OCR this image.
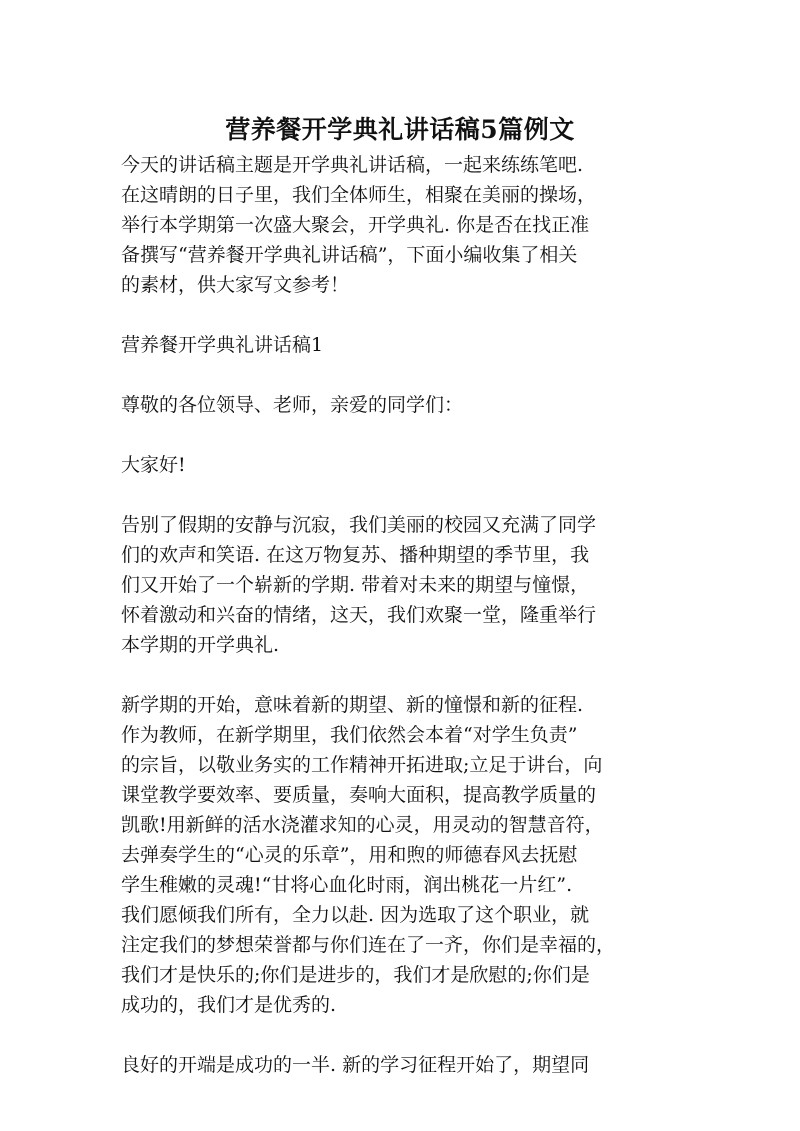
营养餐开学典礼讲话稿5篇例文

今天的讲话稿主题是开学典礼讲话稿，一起来练练笔吧.
在这晴朗的日子里，我们全体师生，相聚在美丽的操场，
举行本学期第一次盛大聚会，开学典礼. 你是否在找正准
备撰写“营养餐开学典礼讲话稿”，下面小编收集了相关
的素材，供大家写文参考！

营养餐开学典礼讲话稿1

尊敬的各位领导、老师，亲爱的同学们：

大家好!

告别了假期的安静与沉寂，我们美丽的校园又充满了同学
们的欢声和笑语. 在这万物复苏、播种期望的季节里，我
们又开始了一个崭新的学期. 带着对未来的期望与憧憬，
怀着激动和兴奋的情绪，这天，我们欢聚一堂，隆重举行
本学期的开学典礼.

新学期的开始，意味着新的期望、新的憧憬和新的征程.
作为教师，在新学期里，我们依然会本着“对学生负责”
的宗旨，以敬业务实的工作精神开拓进取;立足于讲台，向
课堂教学要效率、要质量，奏响大面积，提高教学质量的
凯歌!用新鲜的活水浇灌求知的心灵，用灵动的智慧音符，
去弹奏学生的“心灵的乐章”，用和煦的师德春风去抚慰
学生稚嫩的灵魂!“甘将心血化时雨，润出桃花一片红”.
我们愿倾我们所有，全力以赴. 因为选取了这个职业，就
注定我们的梦想荣誉都与你们连在了一齐，你们是幸福的，
我们才是快乐的;你们是进步的，我们才是欣慰的;你们是
成功的，我们才是优秀的.

良好的开端是成功的一半. 新的学习征程开始了，期望同
